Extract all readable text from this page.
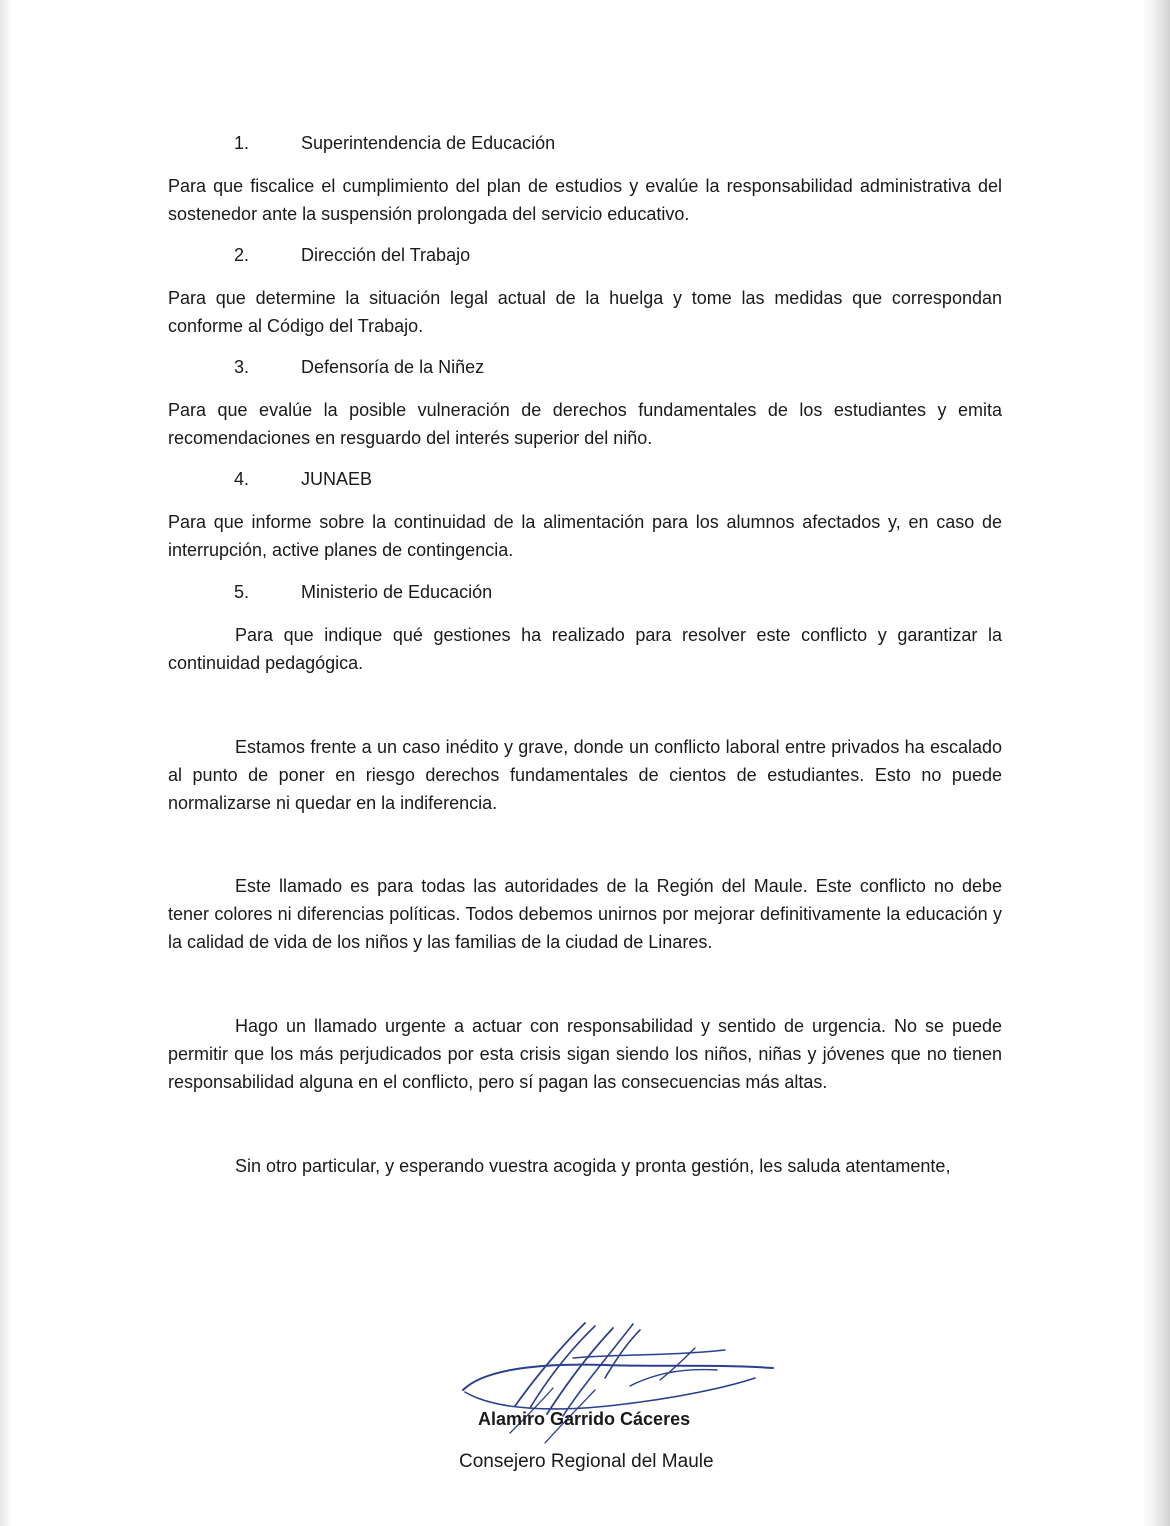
1.	Superintendencia de Educación
Para que fiscalice el cumplimiento del plan de estudios y evalúe la responsabilidad administrativa del sostenedor ante la suspensión prolongada del servicio educativo.
2.	Dirección del Trabajo
Para que determine la situación legal actual de la huelga y tome las medidas que correspondan conforme al Código del Trabajo.
3.	Defensoría de la Niñez
Para que evalúe la posible vulneración de derechos fundamentales de los estudiantes y emita recomendaciones en resguardo del interés superior del niño.
4.	JUNAEB
Para que informe sobre la continuidad de la alimentación para los alumnos afectados y, en caso de interrupción, active planes de contingencia.
5.	Ministerio de Educación
Para que indique qué gestiones ha realizado para resolver este conflicto y garantizar la continuidad pedagógica.
Estamos frente a un caso inédito y grave, donde un conflicto laboral entre privados ha escalado al punto de poner en riesgo derechos fundamentales de cientos de estudiantes. Esto no puede normalizarse ni quedar en la indiferencia.
Este llamado es para todas las autoridades de la Región del Maule. Este conflicto no debe tener colores ni diferencias políticas. Todos debemos unirnos por mejorar definitivamente la educación y la calidad de vida de los niños y las familias de la ciudad de Linares.
Hago un llamado urgente a actuar con responsabilidad y sentido de urgencia. No se puede permitir que los más perjudicados por esta crisis sigan siendo los niños, niñas y jóvenes que no tienen responsabilidad alguna en el conflicto, pero sí pagan las consecuencias más altas.
Sin otro particular, y esperando vuestra acogida y pronta gestión, les saluda atentamente,
Alamiro Garrido Cáceres
Consejero Regional del Maule
